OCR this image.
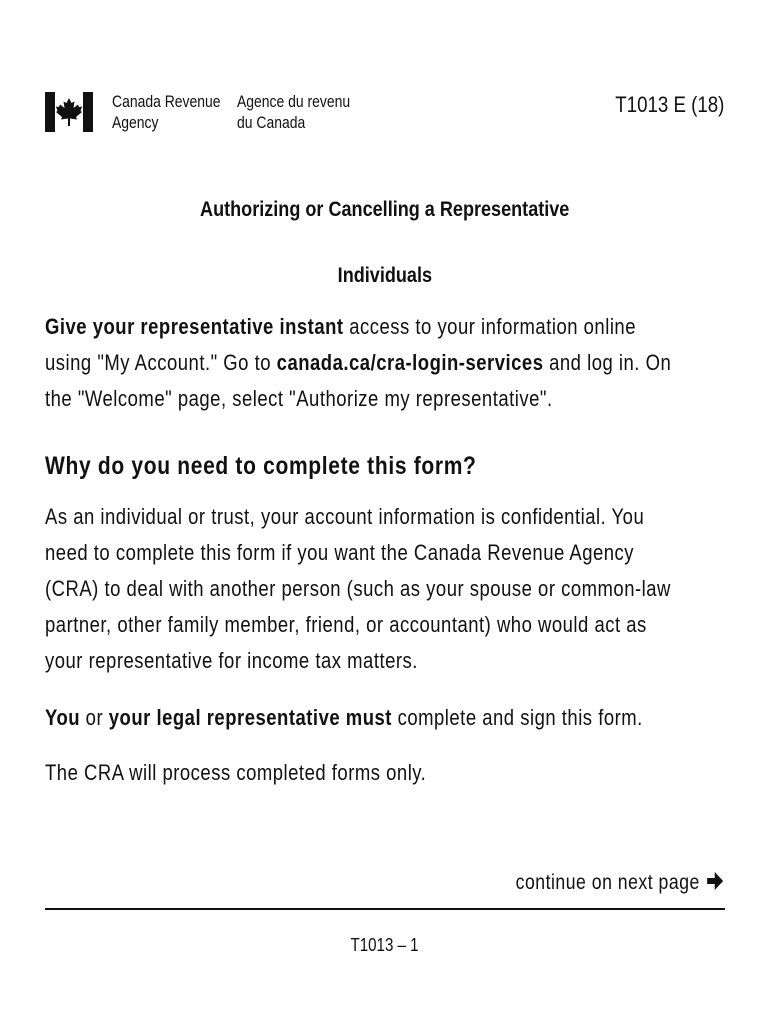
Canada Revenue
Agency
Agence du revenu
du Canada
T1013 E (18)
Authorizing or Cancelling a Representative
Individuals
Give your representative instant access to your information online
using "My Account." Go to canada.ca/cra-login-services and log in. On
the "Welcome" page, select "Authorize my representative".
Why do you need to complete this form?
As an individual or trust, your account information is confidential. You
need to complete this form if you want the Canada Revenue Agency
(CRA) to deal with another person (such as your spouse or common-law
partner, other family member, friend, or accountant) who would act as
your representative for income tax matters.
You or your legal representative must complete and sign this form.
The CRA will process completed forms only.
continue on next page
T1013 – 1
